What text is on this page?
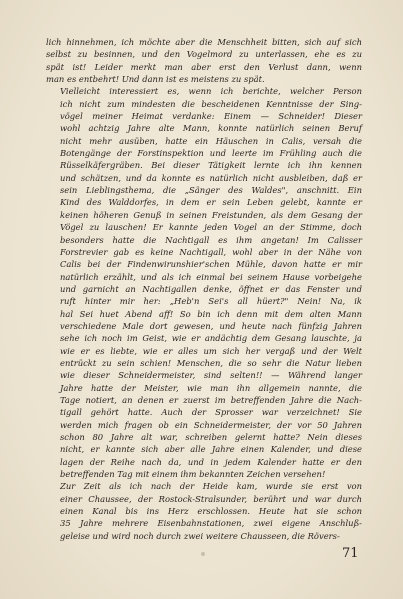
lich hinnehmen, ich möchte aber die Menschheit bitten, sich auf sich
selbst zu besinnen, und den Vogelmord zu unterlassen, ehe es zu
spät ist! Leider merkt man aber erst den Verlust dann, wenn
man es entbehrt! Und dann ist es meistens zu spät.

Vielleicht interessiert es, wenn ich berichte, welcher Person
ich nicht zum mindesten die bescheidenen Kenntnisse der Sing-
vögel meiner Heimat verdanke: Einem — Schneider! Dieser
wohl achtzig Jahre alte Mann, konnte natürlich seinen Beruf
nicht mehr ausüben, hatte ein Häuschen in Calis, versah die
Botengänge der Forstinspektion und leerte im Frühling auch die
Rüsselkäfergräben. Bei dieser Tätigkeit lernte ich ihn kennen
und schätzen, und da konnte es natürlich nicht ausbleiben, daß er
sein Lieblingsthema, die „Sänger des Waldes", anschnitt. Ein
Kind des Walddorfes, in dem er sein Leben gelebt, kannte er
keinen höheren Genuß in seinen Freistunden, als dem Gesang der
Vögel zu lauschen! Er kannte jeden Vogel an der Stimme, doch
besonders hatte die Nachtigall es ihm angetan! Im Calisser
Forstrevier gab es keine Nachtigall, wohl aber in der Nähe von
Calis bei der Findenwirunshier'schen Mühle, davon hatte er mir
natürlich erzählt, und als ich einmal bei seinem Hause vorbeigehe
und garnicht an Nachtigallen denke, öffnet er das Fenster und
ruft hinter mir her: „Heb'n Sei's all hüert?" Nein! Na, ik
hal Sei huet Abend aff! So bin ich denn mit dem alten Mann
verschiedene Male dort gewesen, und heute nach fünfzig Jahren
sehe ich noch im Geist, wie er andächtig dem Gesang lauschte, ja
wie er es liebte, wie er alles um sich her vergaß und der Welt
entrückt zu sein schien! Menschen, die so sehr die Natur lieben
wie dieser Schneidermeister, sind selten!! — Während langer
Jahre hatte der Meister, wie man ihn allgemein nannte, die
Tage notiert, an denen er zuerst im betreffenden Jahre die Nach-
tigall gehört hatte. Auch der Sprosser war verzeichnet! Sie
werden mich fragen ob ein Schneidermeister, der vor 50 Jahren
schon 80 Jahre alt war, schreiben gelernt hatte? Nein dieses
nicht, er kannte sich aber alle Jahre einen Kalender, und diese
lagen der Reihe nach da, und in jedem Kalender hatte er den
betreffenden Tag mit einem ihm bekannten Zeichen versehen!

Zur Zeit als ich nach der Heide kam, wurde sie erst von
einer Chaussee, der Rostock-Stralsunder, berührt und war durch
einen Kanal bis ins Herz erschlossen. Heute hat sie schon
35 Jahre mehrere Eisenbahnstationen, zwei eigene Anschluß-
geleise und wird noch durch zwei weitere Chausseen, die Rövers-

71
